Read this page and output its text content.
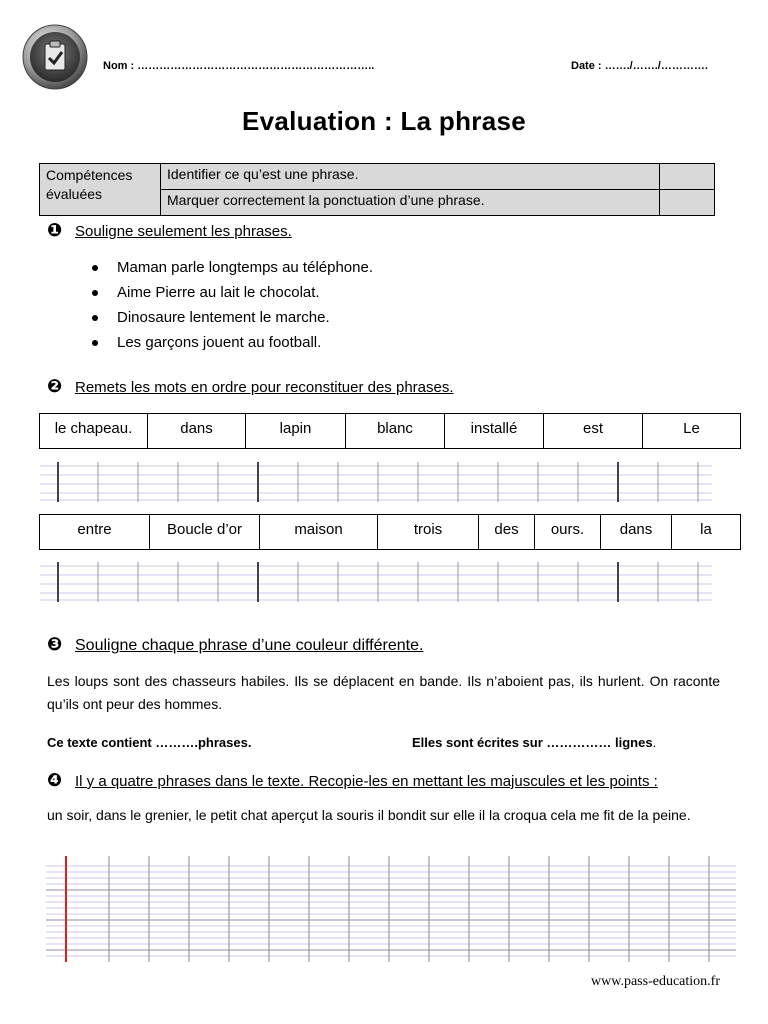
Nom : ………………………………………………………..	Date : ……./……./………….
Evaluation : La phrase
Compétences évaluées	Identifier ce qu’est une phrase.	
	Marquer correctement la ponctuation d’une phrase.	
❶ Souligne seulement les phrases.
Maman parle longtemps au téléphone.
Aime Pierre au lait le chocolat.
Dinosaure lentement le marche.
Les garçons jouent au football.
❷ Remets les mots en ordre pour reconstituer des phrases.
le chapeau.	dans	lapin	blanc	installé	est	Le
entre	Boucle d’or	maison	trois	des	ours.	dans	la
❸ Souligne chaque phrase d’une couleur différente.

Les loups sont des chasseurs habiles. Ils se déplacent en bande. Ils n’aboient pas, ils hurlent. On raconte qu’ils ont peur des hommes.

Ce texte contient ……….phrases.	Elles sont écrites sur …………… lignes.
❹ Il y a quatre phrases dans le texte. Recopie-les en mettant les majuscules et les points :

un soir, dans le grenier, le petit chat aperçut la souris il bondit sur elle il la croqua cela me fit de la peine.

www.pass-education.fr
